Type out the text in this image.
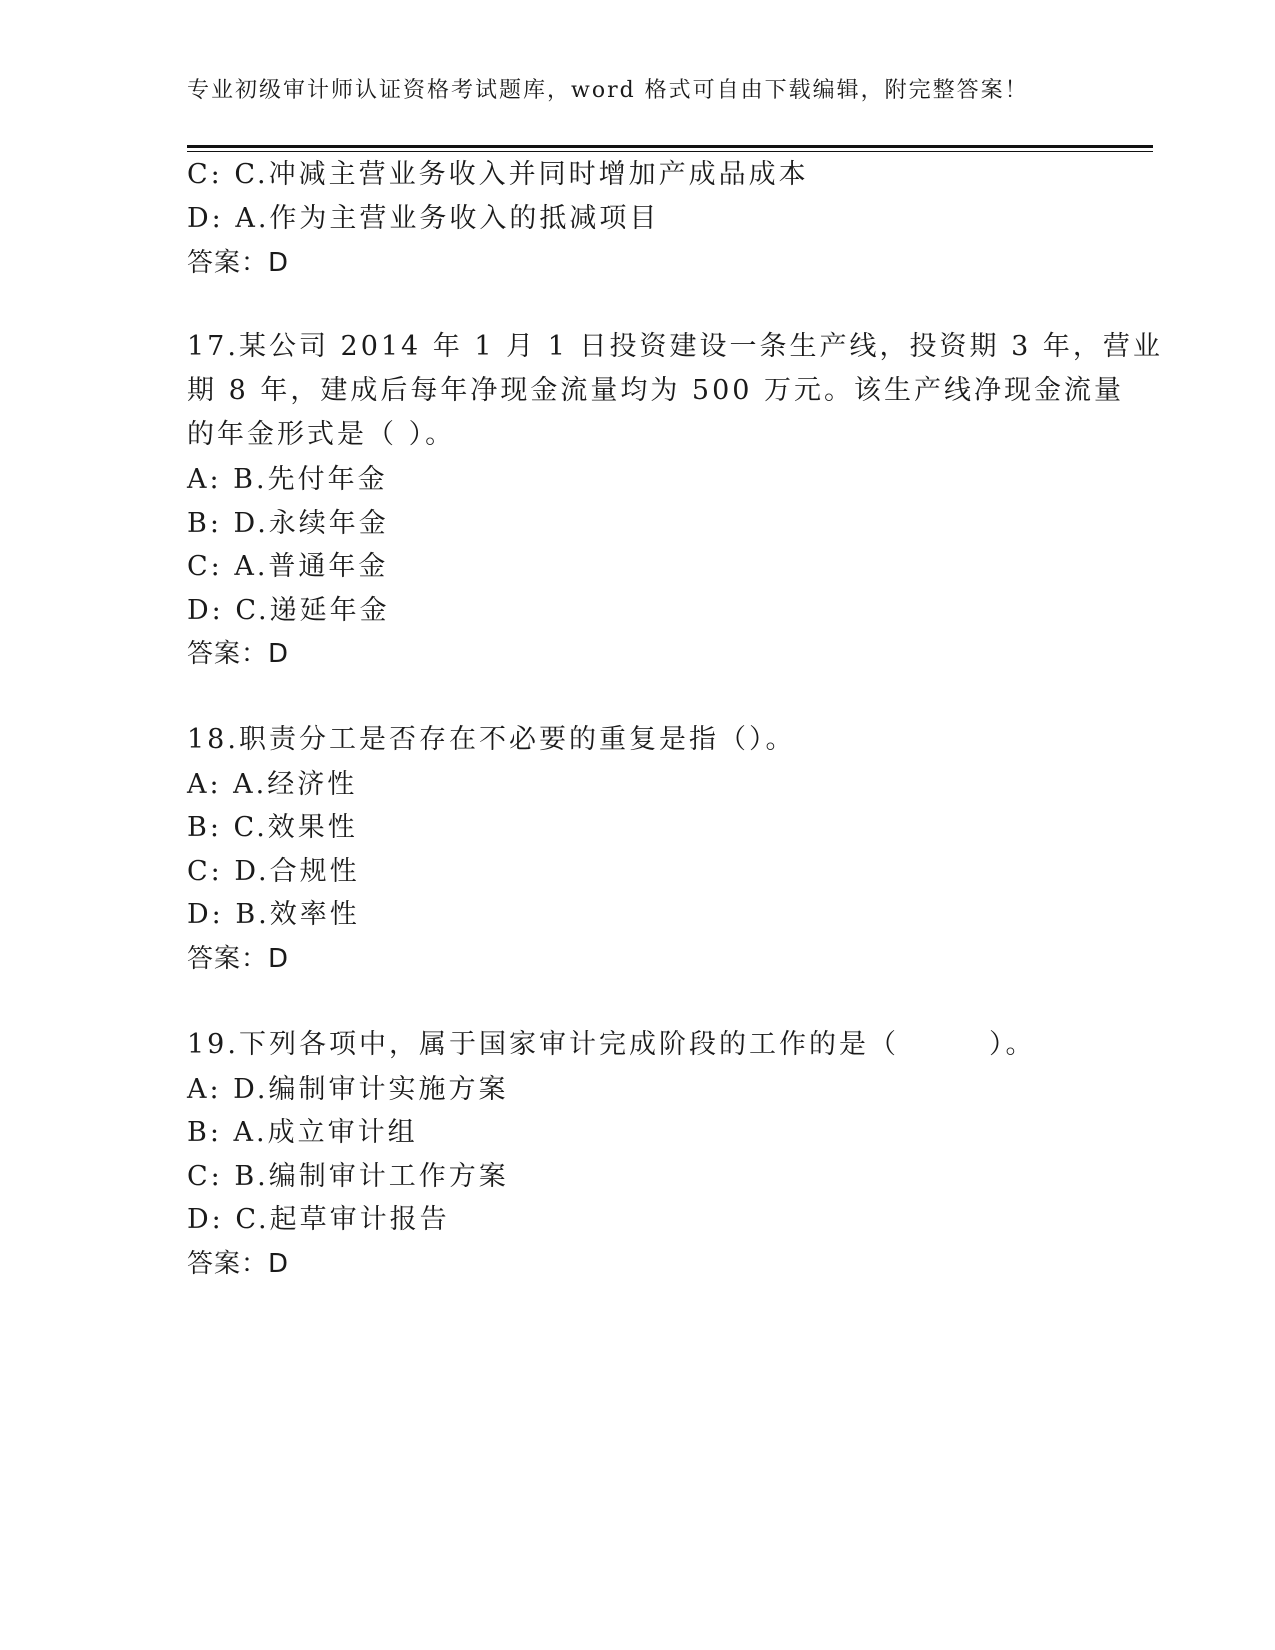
专业初级审计师认证资格考试题库，word 格式可自由下载编辑，附完整答案！
C: C.冲减主营业务收入并同时增加产成品成本
D: A.作为主营业务收入的抵减项目
答案：D
17.某公司 2014 年 1 月 1 日投资建设一条生产线，投资期 3 年，营业
期 8 年，建成后每年净现金流量均为 500 万元。该生产线净现金流量
的年金形式是（ ）。
A: B.先付年金
B: D.永续年金
C: A.普通年金
D: C.递延年金
答案：D
18.职责分工是否存在不必要的重复是指（）。
A: A.经济性
B: C.效果性
C: D.合规性
D: B.效率性
答案：D
19.下列各项中，属于国家审计完成阶段的工作的是（　　　）。
A: D.编制审计实施方案
B: A.成立审计组
C: B.编制审计工作方案
D: C.起草审计报告
答案：D
